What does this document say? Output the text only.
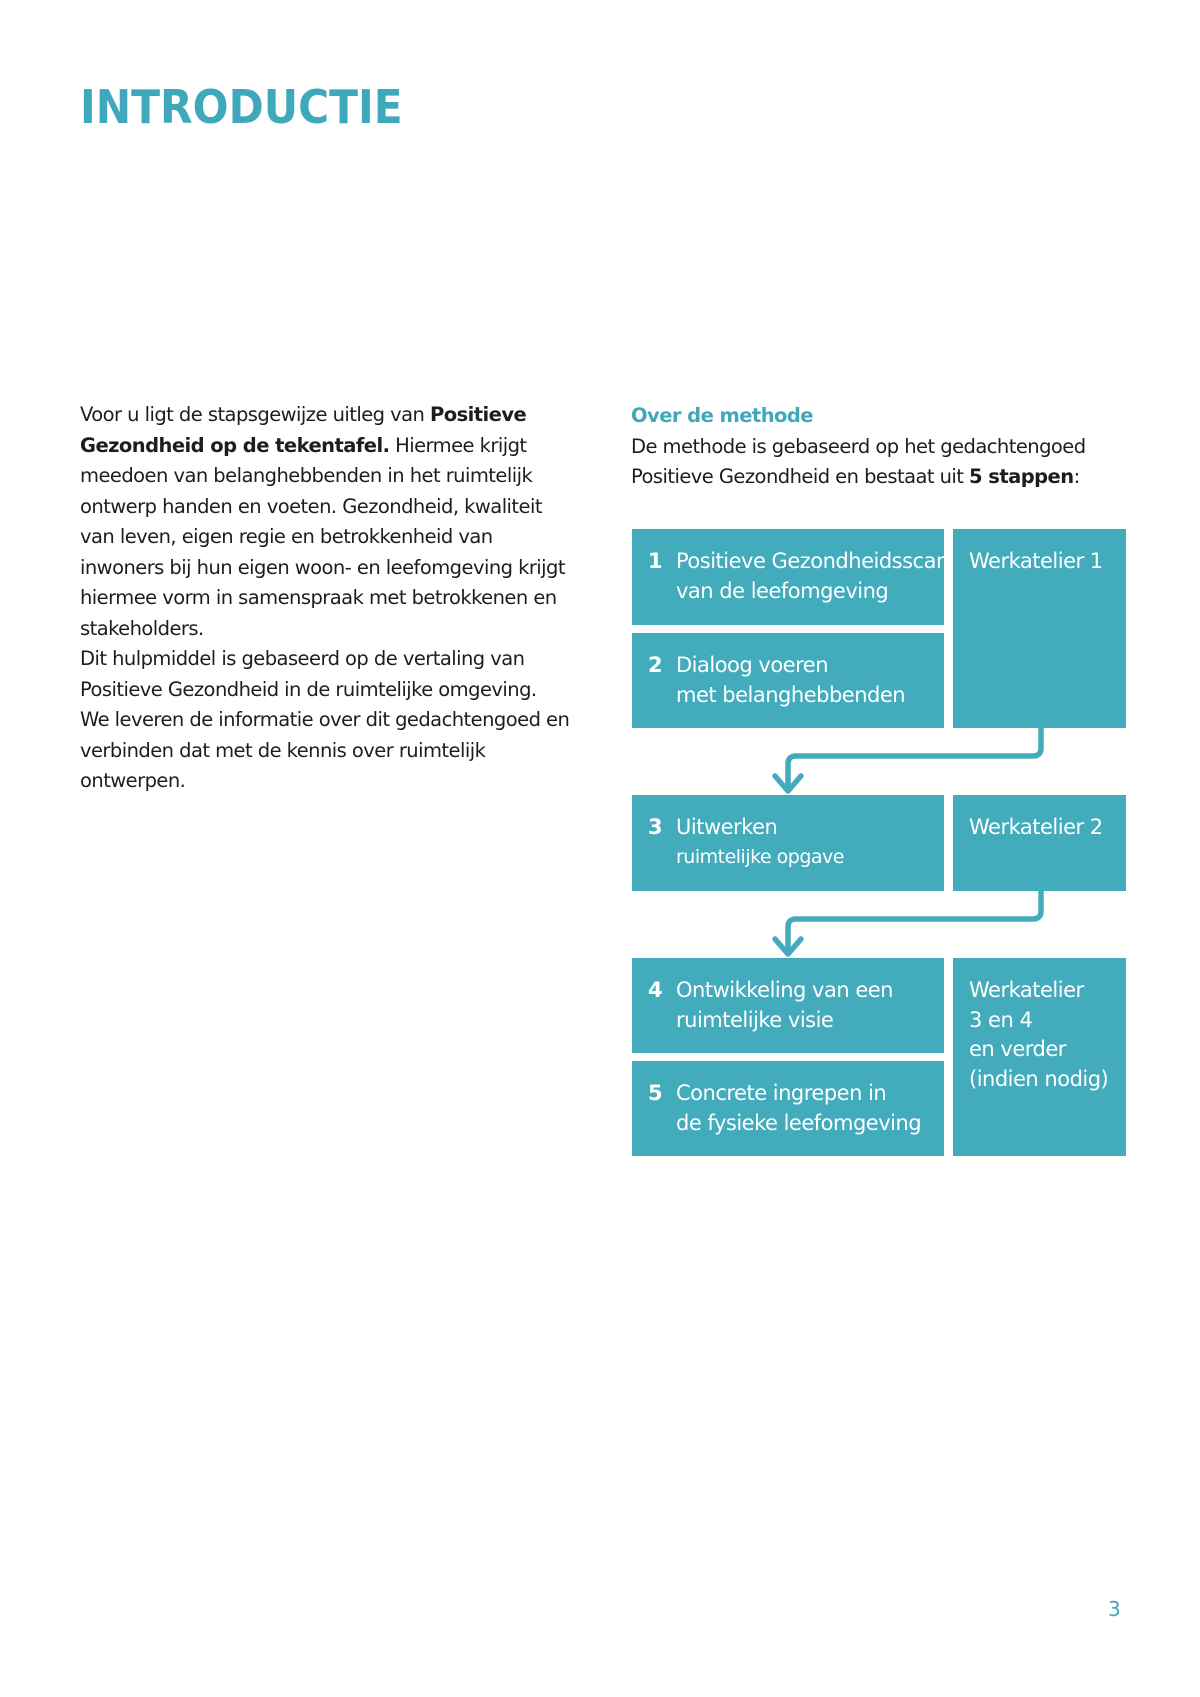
INTRODUCTIE

Voor u ligt de stapsgewijze uitleg van Positieve Gezondheid op de tekentafel. Hiermee krijgt meedoen van belanghebbenden in het ruimtelijk ontwerp handen en voeten. Gezondheid, kwaliteit van leven, eigen regie en betrokkenheid van inwoners bij hun eigen woon- en leefomgeving krijgt hiermee vorm in samenspraak met betrokkenen en stakeholders.

Dit hulpmiddel is gebaseerd op de vertaling van Positieve Gezondheid in de ruimtelijke omgeving.

We leveren de informatie over dit gedachtengoed en verbinden dat met de kennis over ruimtelijk ontwerpen.

Over de methode

De methode is gebaseerd op het gedachtengoed Positieve Gezondheid en bestaat uit 5 stappen:

1 Positieve Gezondheidsscan
van de leefomgeving
2 Dialoog voeren
met belanghebbenden
3 Uitwerken
ruimtelijke opgave
4 Ontwikkeling van een
ruimtelijke visie
5 Concrete ingrepen in
de fysieke leefomgeving
Werkatelier 1
Werkatelier 2
Werkatelier
3 en 4
en verder
(indien nodig)
3
